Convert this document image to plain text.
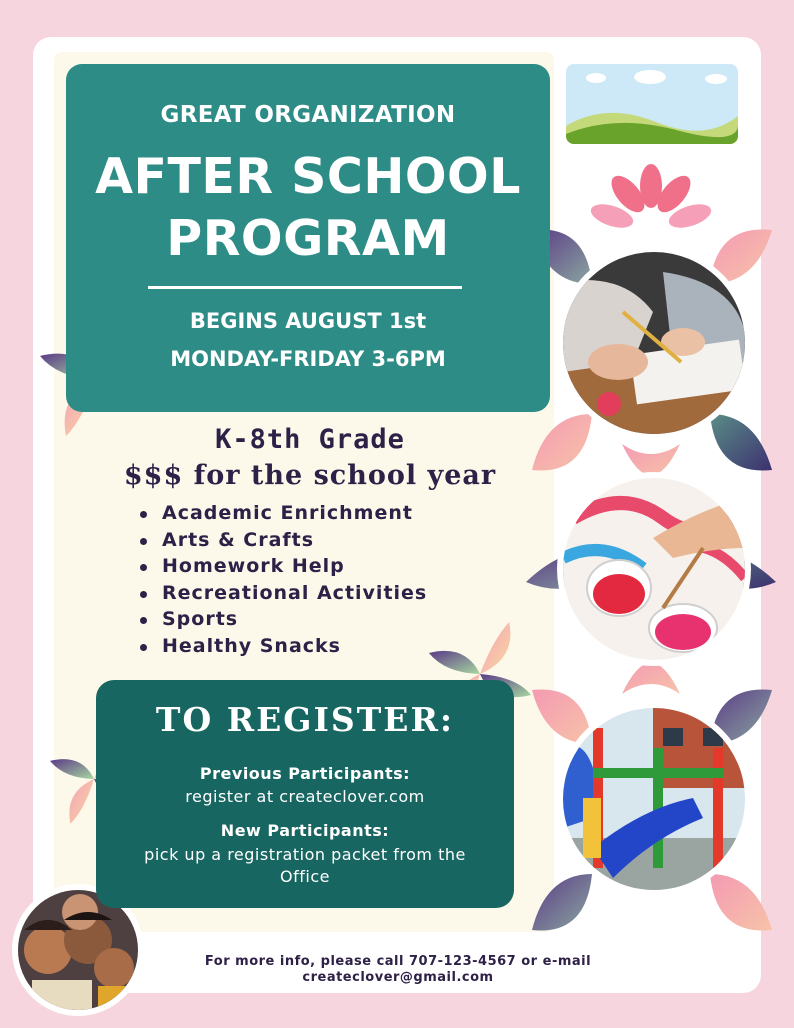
GREAT ORGANIZATION
AFTER SCHOOL
PROGRAM
BEGINS AUGUST 1st
MONDAY-FRIDAY 3-6PM
K-8th Grade
$$$ for the school year
Academic Enrichment
Arts & Crafts
Homework Help
Recreational Activities
Sports
Healthy Snacks
TO REGISTER:
Previous Participants:
register at createclover.com
New Participants:
pick up a registration packet from the Office
For more info, please call 707-123-4567 or e-mail
createclover@gmail.com
